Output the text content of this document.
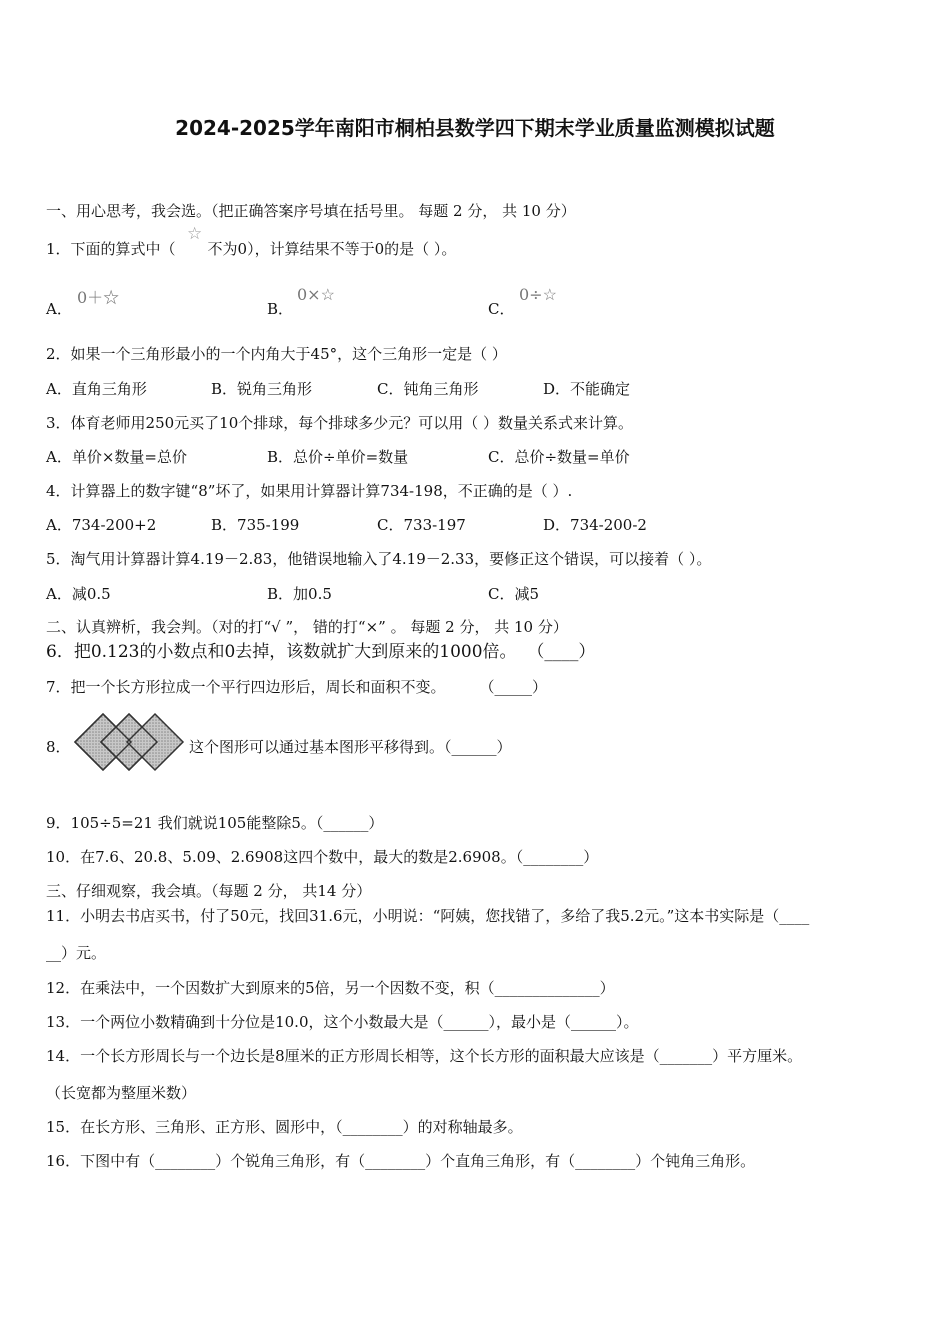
2024-2025学年南阳市桐柏县数学四下期末学业质量监测模拟试题
一、用心思考，我会选。（把正确答案序号填在括号里。 每题 2 分， 共 10 分）
1．下面的算式中（ 不为0），计算结果不等于0的是（ ）。
☆
A．
0＋☆
B．
0×☆
C．
0÷☆
2．如果一个三角形最小的一个内角大于45°，这个三角形一定是（ ）
A．直角三角形	B．锐角三角形	C．钝角三角形	D．不能确定
3．体育老师用250元买了10个排球，每个排球多少元？可以用（ ）数量关系式来计算。
A．单价×数量=总价	B．总价÷单价=数量	C．总价÷数量=单价
4．计算器上的数字键“8”坏了，如果用计算器计算734-198，不正确的是（ ）.
A．734-200+2	B．735-199	C．733-197	D．734-200-2
5．淘气用计算器计算4.19－2.83，他错误地输入了4.19－2.33，要修正这个错误，可以接着（ ）。
A．减0.5	B．加0.5	C．减5
二、认真辨析，我会判。（对的打“√ ”， 错的打“×” 。 每题 2 分， 共 10 分）
6．把0.123的小数点和0去掉，该数就扩大到原来的1000倍。 （____）
7．把一个长方形拉成一个平行四边形后，周长和面积不变。 （_____）
8．	这个图形可以通过基本图形平移得到。（______）
9．105÷5=21 我们就说105能整除5。（______）
10．在7.6、20.8、5.09、2.6908这四个数中，最大的数是2.6908。（________）
三、仔细观察，我会填。（每题 2 分， 共14 分）
11．小明去书店买书，付了50元，找回31.6元，小明说：“阿姨，您找错了，多给了我5.2元。”这本书实际是（____
__）元。
12．在乘法中，一个因数扩大到原来的5倍，另一个因数不变，积（______________）
13．一个两位小数精确到十分位是10.0，这个小数最大是（______），最小是（______）。
14．一个长方形周长与一个边长是8厘米的正方形周长相等，这个长方形的面积最大应该是（_______）平方厘米。
（长宽都为整厘米数）
15．在长方形、三角形、正方形、圆形中，（________）的对称轴最多。
16．下图中有（________）个锐角三角形，有（________）个直角三角形，有（________）个钝角三角形。
